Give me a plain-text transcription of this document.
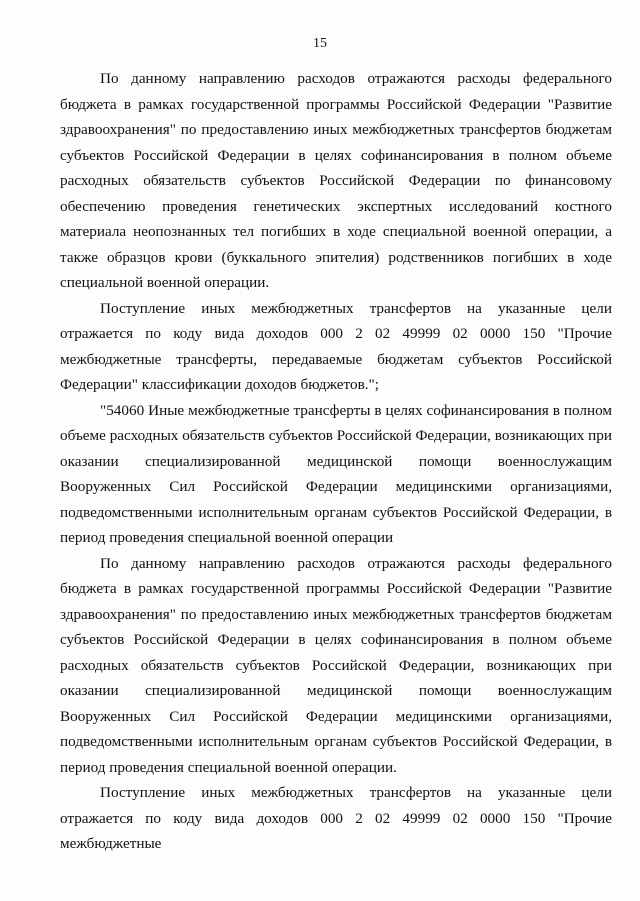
15

По данному направлению расходов отражаются расходы федерального бюджета в рамках государственной программы Российской Федерации "Развитие здравоохранения" по предоставлению иных межбюджетных трансфертов бюджетам субъектов Российской Федерации в целях софинансирования в полном объеме расходных обязательств субъектов Российской Федерации по финансовому обеспечению проведения генетических экспертных исследований костного материала неопознанных тел погибших в ходе специальной военной операции, а также образцов крови (буккального эпителия) родственников погибших в ходе специальной военной операции.

Поступление иных межбюджетных трансфертов на указанные цели отражается по коду вида доходов 000 2 02 49999 02 0000 150 "Прочие межбюджетные трансферты, передаваемые бюджетам субъектов Российской Федерации" классификации доходов бюджетов.";

"54060 Иные межбюджетные трансферты в целях софинансирования в полном объеме расходных обязательств субъектов Российской Федерации, возникающих при оказании специализированной медицинской помощи военнослужащим Вооруженных Сил Российской Федерации медицинскими организациями, подведомственными исполнительным органам субъектов Российской Федерации, в период проведения специальной военной операции

По данному направлению расходов отражаются расходы федерального бюджета в рамках государственной программы Российской Федерации "Развитие здравоохранения" по предоставлению иных межбюджетных трансфертов бюджетам субъектов Российской Федерации в целях софинансирования в полном объеме расходных обязательств субъектов Российской Федерации, возникающих при оказании специализированной медицинской помощи военнослужащим Вооруженных Сил Российской Федерации медицинскими организациями, подведомственными исполнительным органам субъектов Российской Федерации, в период проведения специальной военной операции.

Поступление иных межбюджетных трансфертов на указанные цели отражается по коду вида доходов 000 2 02 49999 02 0000 150 "Прочие межбюджетные
